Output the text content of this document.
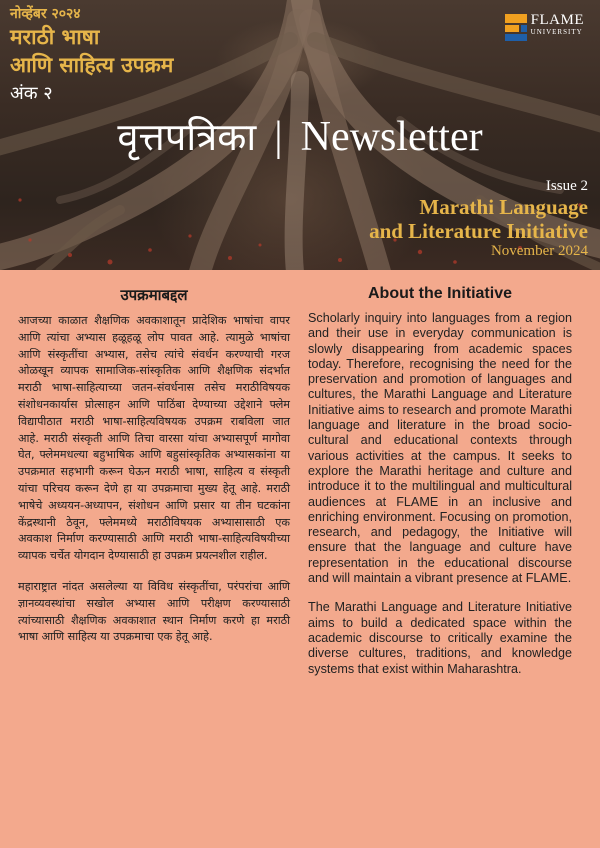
नोव्हेंबर २०२४
मराठी भाषा
आणि साहित्य उपक्रम
अंक २
FLAME
UNIVERSITY
वृत्तपत्रिका | Newsletter
Issue 2
Marathi Language
and Literature Initiative
November 2024
उपक्रमाबद्दल

आजच्या काळात शैक्षणिक अवकाशातून प्रादेशिक भाषांचा वापर आणि त्यांचा अभ्यास हळूहळू लोप पावत आहे. त्यामुळे भाषांचा आणि संस्कृतींचा अभ्यास, तसेच त्यांचे संवर्धन करण्याची गरज ओळखून व्यापक सामाजिक-सांस्कृतिक आणि शैक्षणिक संदर्भात मराठी भाषा-साहित्याच्या जतन-संवर्धनास तसेच मराठीविषयक संशोधनकार्यास प्रोत्साहन आणि पाठिंबा देण्याच्या उद्देशाने फ्लेम विद्यापीठात मराठी भाषा-साहित्यविषयक उपक्रम राबविला जात आहे. मराठी संस्कृती आणि तिचा वारसा यांचा अभ्यासपूर्ण मागोवा घेत, फ्लेममधल्या बहुभाषिक आणि बहुसांस्कृतिक अभ्यासकांना या उपक्रमात सहभागी करून घेऊन मराठी भाषा, साहित्य व संस्कृती यांचा परिचय करून देणे हा या उपक्रमाचा मुख्य हेतू आहे. मराठी भाषेचे अध्ययन-अध्यापन, संशोधन आणि प्रसार या तीन घटकांना केंद्रस्थानी ठेवून, फ्लेममध्ये मराठीविषयक अभ्यासासाठी एक अवकाश निर्माण करण्यासाठी आणि मराठी भाषा-साहित्यविषयीच्या व्यापक चर्चेत योगदान देण्यासाठी हा उपक्रम प्रयत्नशील राहील.

महाराष्ट्रात नांदत असलेल्या या विविध संस्कृतींचा, परंपरांचा आणि ज्ञानव्यवस्थांचा सखोल अभ्यास आणि परीक्षण करण्यासाठी त्यांच्यासाठी शैक्षणिक अवकाशात स्थान निर्माण करणे हा मराठी भाषा आणि साहित्य या उपक्रमाचा एक हेतू आहे.

About the Initiative

Scholarly inquiry into languages from a region and their use in everyday communication is slowly disappearing from academic spaces today. Therefore, recognising the need for the preservation and promotion of languages and cultures, the Marathi Language and Literature Initiative aims to research and promote Marathi language and literature in the broad socio-cultural and educational contexts through various activities at the campus. It seeks to explore the Marathi heritage and culture and introduce it to the multilingual and multicultural audiences at FLAME in an inclusive and enriching environment. Focusing on promotion, research, and pedagogy, the Initiative will ensure that the language and culture have representation in the educational discourse and will maintain a vibrant presence at FLAME.

The Marathi Language and Literature Initiative aims to build a dedicated space within the academic discourse to critically examine the diverse cultures, traditions, and knowledge systems that exist within Maharashtra.
